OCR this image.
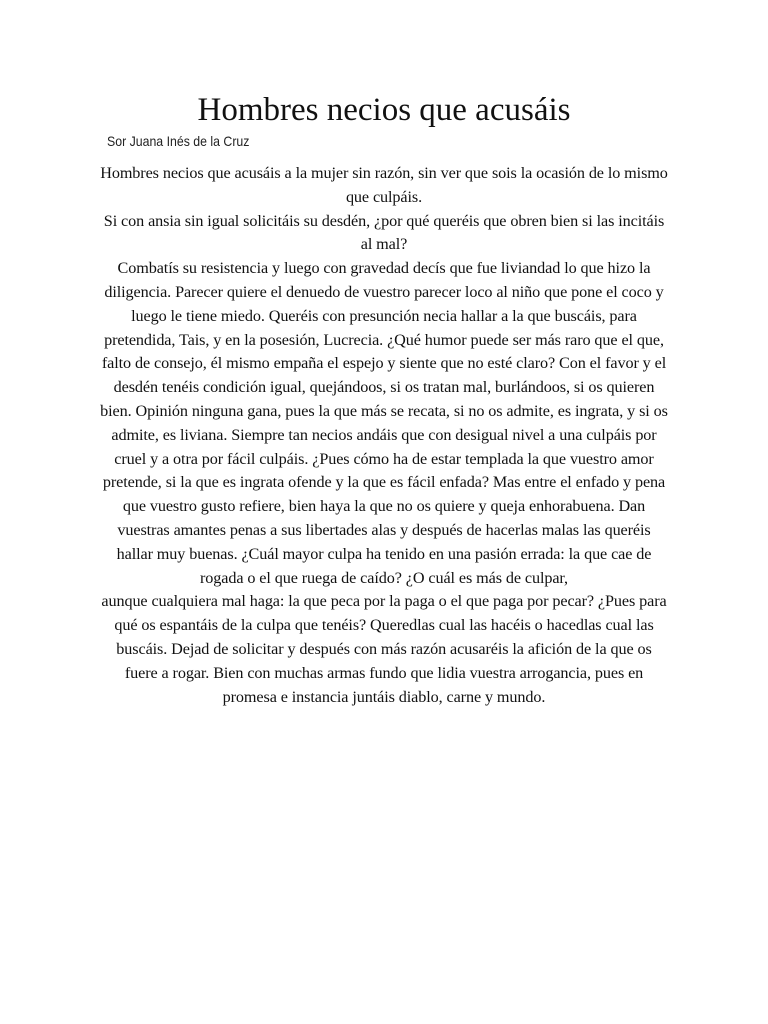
Hombres necios que acusáis
Sor Juana Inés de la Cruz

Hombres necios que acusáis a la mujer sin razón, sin ver que sois la ocasión de lo mismo que culpáis.

Si con ansia sin igual solicitáis su desdén, ¿por qué queréis que obren bien si las incitáis al mal?

Combatís su resistencia y luego con gravedad decís que fue liviandad lo que hizo la diligencia. Parecer quiere el denuedo de vuestro parecer loco al niño que pone el coco y luego le tiene miedo. Queréis con presunción necia hallar a la que buscáis, para pretendida, Tais, y en la posesión, Lucrecia. ¿Qué humor puede ser más raro que el que, falto de consejo, él mismo empaña el espejo y siente que no esté claro? Con el favor y el desdén tenéis condición igual, quejándoos, si os tratan mal, burlándoos, si os quieren bien. Opinión ninguna gana, pues la que más se recata, si no os admite, es ingrata, y si os admite, es liviana. Siempre tan necios andáis que con desigual nivel a una culpáis por cruel y a otra por fácil culpáis. ¿Pues cómo ha de estar templada la que vuestro amor pretende, si la que es ingrata ofende y la que es fácil enfada? Mas entre el enfado y pena que vuestro gusto refiere, bien haya la que no os quiere y queja enhorabuena. Dan vuestras amantes penas a sus libertades alas y después de hacerlas malas las queréis hallar muy buenas. ¿Cuál mayor culpa ha tenido en una pasión errada: la que cae de rogada o el que ruega de caído? ¿O cuál es más de culpar,

aunque cualquiera mal haga: la que peca por la paga o el que paga por pecar? ¿Pues para qué os espantáis de la culpa que tenéis? Queredlas cual las hacéis o hacedlas cual las buscáis. Dejad de solicitar y después con más razón acusaréis la afición de la que os fuere a rogar. Bien con muchas armas fundo que lidia vuestra arrogancia, pues en promesa e instancia juntáis diablo, carne y mundo.
